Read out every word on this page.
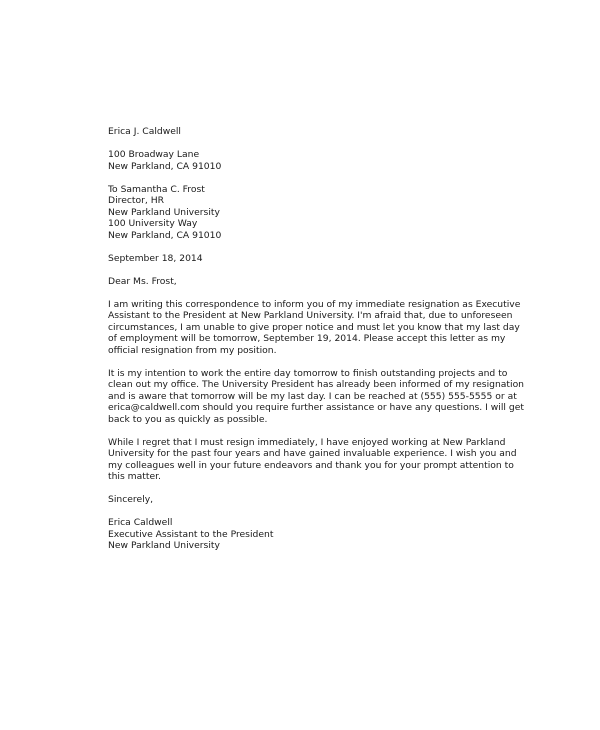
Erica J. Caldwell
100 Broadway Lane
New Parkland, CA 91010
To Samantha C. Frost
Director, HR
New Parkland University
100 University Way
New Parkland, CA 91010
September 18, 2014
Dear Ms. Frost,
I am writing this correspondence to inform you of my immediate resignation as Executive
Assistant to the President at New Parkland University. I'm afraid that, due to unforeseen
circumstances, I am unable to give proper notice and must let you know that my last day
of employment will be tomorrow, September 19, 2014. Please accept this letter as my
official resignation from my position.
It is my intention to work the entire day tomorrow to finish outstanding projects and to
clean out my office. The University President has already been informed of my resignation
and is aware that tomorrow will be my last day. I can be reached at (555) 555-5555 or at
erica@caldwell.com should you require further assistance or have any questions. I will get
back to you as quickly as possible.
While I regret that I must resign immediately, I have enjoyed working at New Parkland
University for the past four years and have gained invaluable experience. I wish you and
my colleagues well in your future endeavors and thank you for your prompt attention to
this matter.
Sincerely,
Erica Caldwell
Executive Assistant to the President
New Parkland University
